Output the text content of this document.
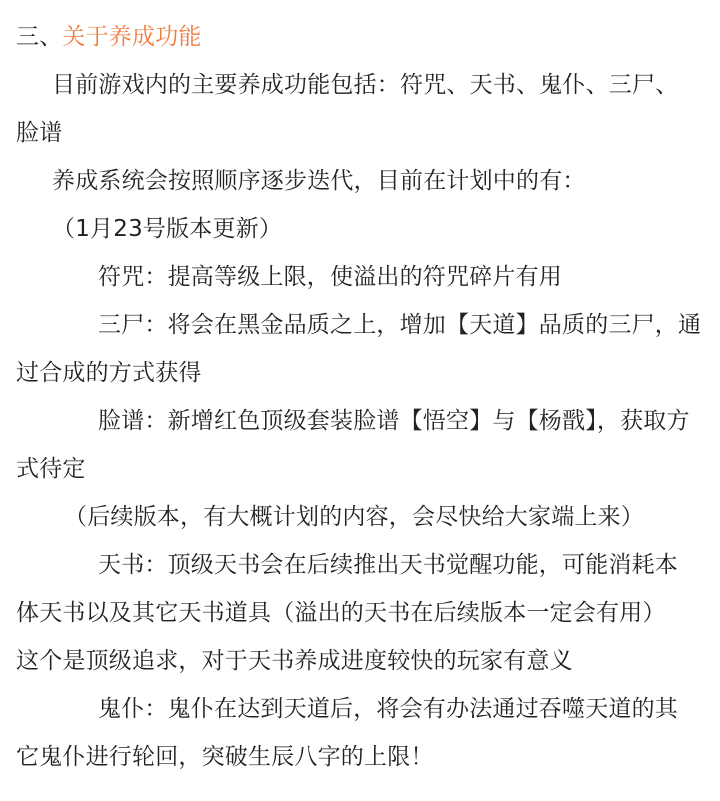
三、关于养成功能
目前游戏内的主要养成功能包括：符咒、天书、鬼仆、三尸、
脸谱
养成系统会按照顺序逐步迭代，目前在计划中的有：
（1月23号版本更新）
符咒：提高等级上限，使溢出的符咒碎片有用
三尸：将会在黑金品质之上，增加【天道】品质的三尸，通
过合成的方式获得
脸谱：新增红色顶级套装脸谱【悟空】与【杨戬】，获取方
式待定
（后续版本，有大概计划的内容，会尽快给大家端上来）
天书：顶级天书会在后续推出天书觉醒功能，可能消耗本
体天书以及其它天书道具（溢出的天书在后续版本一定会有用）
这个是顶级追求，对于天书养成进度较快的玩家有意义
鬼仆：鬼仆在达到天道后，将会有办法通过吞噬天道的其
它鬼仆进行轮回，突破生辰八字的上限！
